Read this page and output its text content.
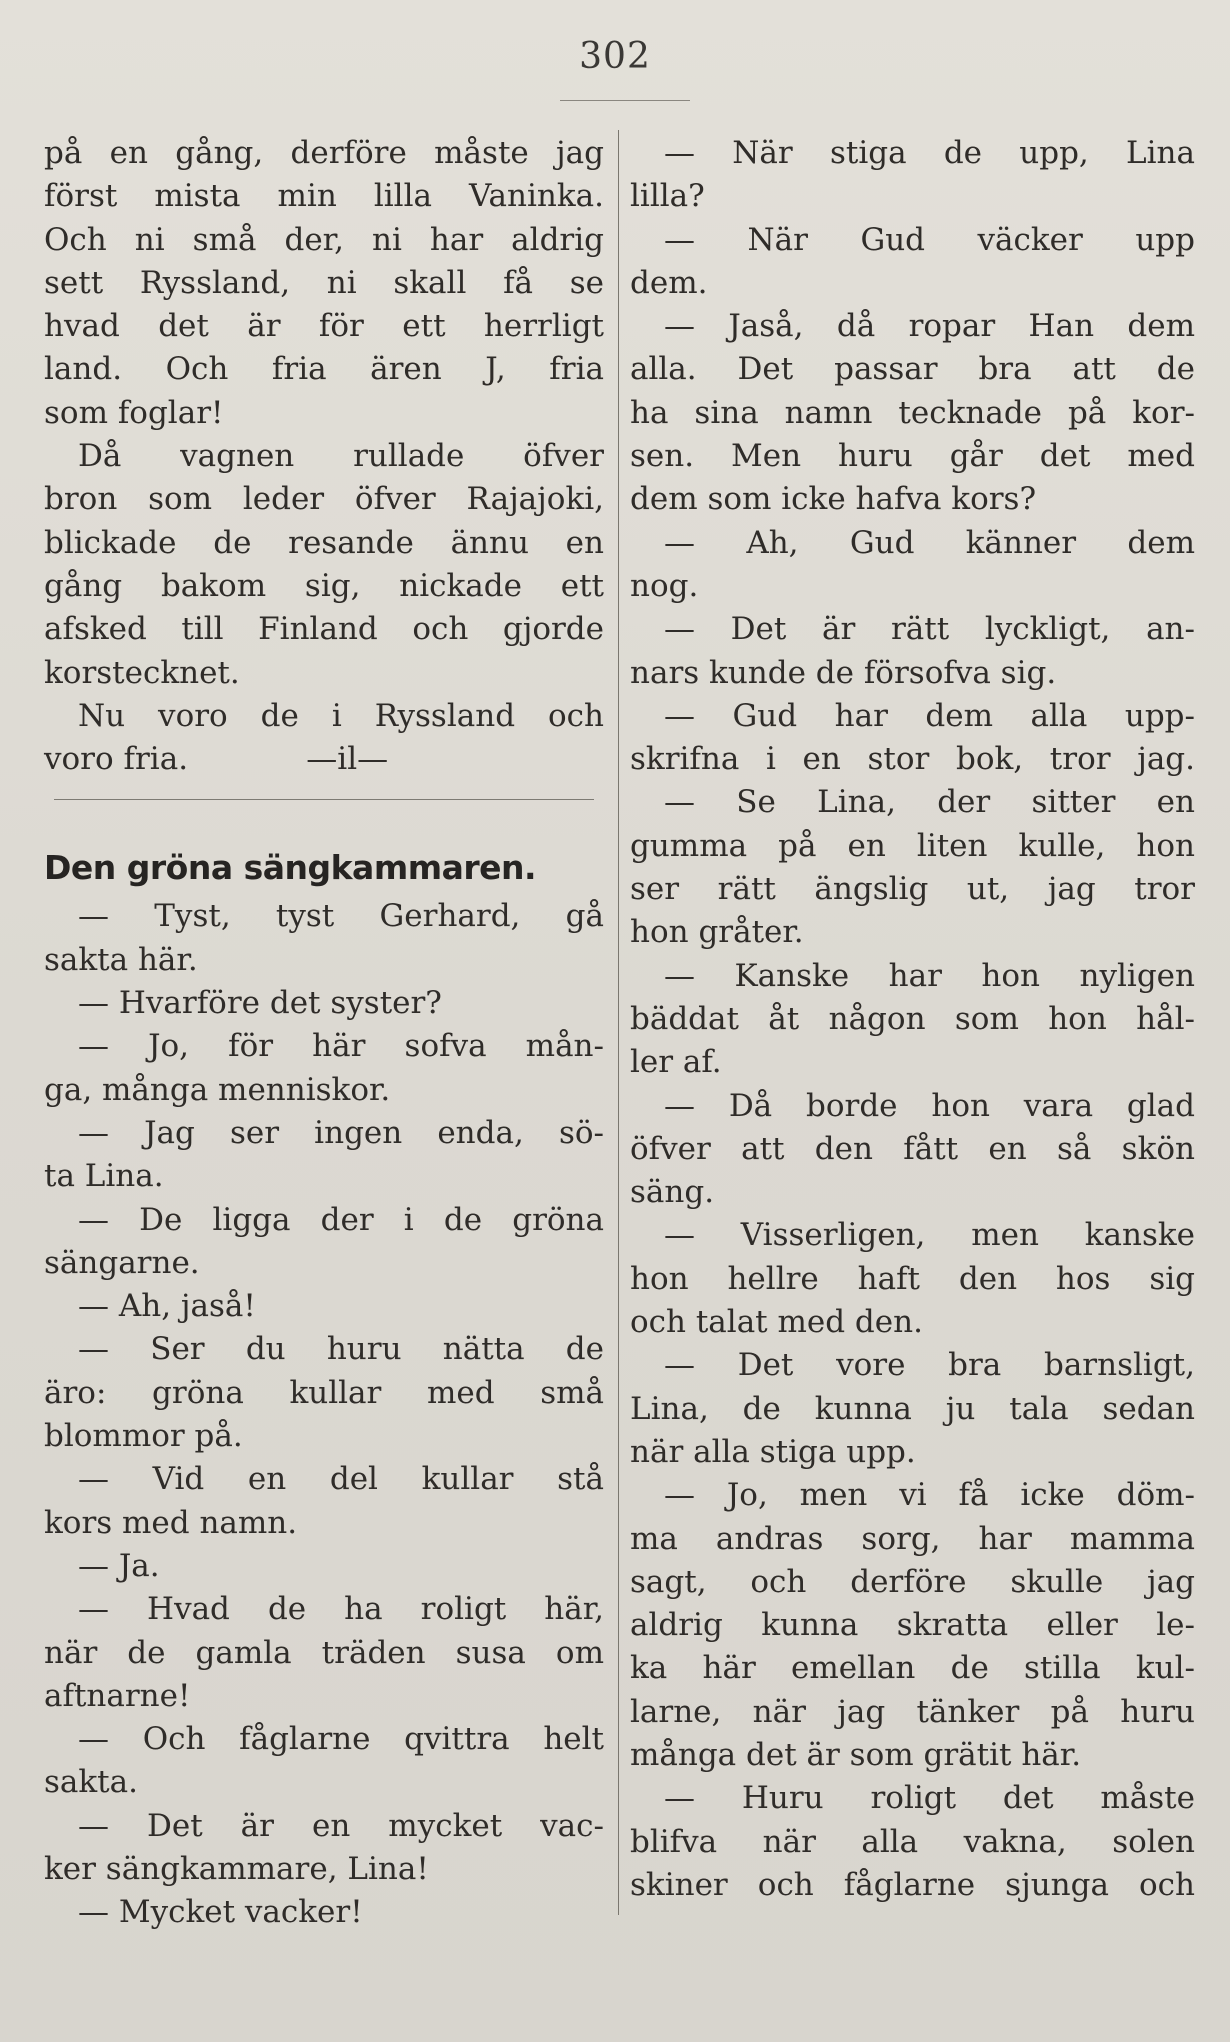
302
på en gång, derföre måste jag
först mista min lilla Vaninka.
Och ni små der, ni har aldrig
sett Ryssland, ni skall få se
hvad det är för ett herrligt
land. Och fria ären J, fria
som foglar!
Då vagnen rullade öfver
bron som leder öfver Rajajoki,
blickade de resande ännu en
gång bakom sig, nickade ett
afsked till Finland och gjorde
korstecknet.
Nu voro de i Ryssland och
voro fria.            —il—
Den gröna sängkammaren.
— Tyst, tyst Gerhard, gå
sakta här.
— Hvarföre det syster?
— Jo, för här sofva mån-
ga, många menniskor.
— Jag ser ingen enda, sö-
ta Lina.
— De ligga der i de gröna
sängarne.
— Ah, jaså!
— Ser du huru nätta de
äro: gröna kullar med små
blommor på.
— Vid en del kullar stå
kors med namn.
— Ja.
— Hvad de ha roligt här,
när de gamla träden susa om
aftnarne!
— Och fåglarne qvittra helt
sakta.
— Det är en mycket vac-
ker sängkammare, Lina!
— Mycket vacker!
— När stiga de upp, Lina
lilla?
— När Gud väcker upp
dem.
— Jaså, då ropar Han dem
alla. Det passar bra att de
ha sina namn tecknade på kor-
sen. Men huru går det med
dem som icke hafva kors?
— Ah, Gud känner dem
nog.
— Det är rätt lyckligt, an-
nars kunde de försofva sig.
— Gud har dem alla upp-
skrifna i en stor bok, tror jag.
— Se Lina, der sitter en
gumma på en liten kulle, hon
ser rätt ängslig ut, jag tror
hon gråter.
— Kanske har hon nyligen
bäddat åt någon som hon hål-
ler af.
— Då borde hon vara glad
öfver att den fått en så skön
säng.
— Visserligen, men kanske
hon hellre haft den hos sig
och talat med den.
— Det vore bra barnsligt,
Lina, de kunna ju tala sedan
när alla stiga upp.
— Jo, men vi få icke döm-
ma andras sorg, har mamma
sagt, och derföre skulle jag
aldrig kunna skratta eller le-
ka här emellan de stilla kul-
larne, när jag tänker på huru
många det är som grätit här.
— Huru roligt det måste
blifva när alla vakna, solen
skiner och fåglarne sjunga och
